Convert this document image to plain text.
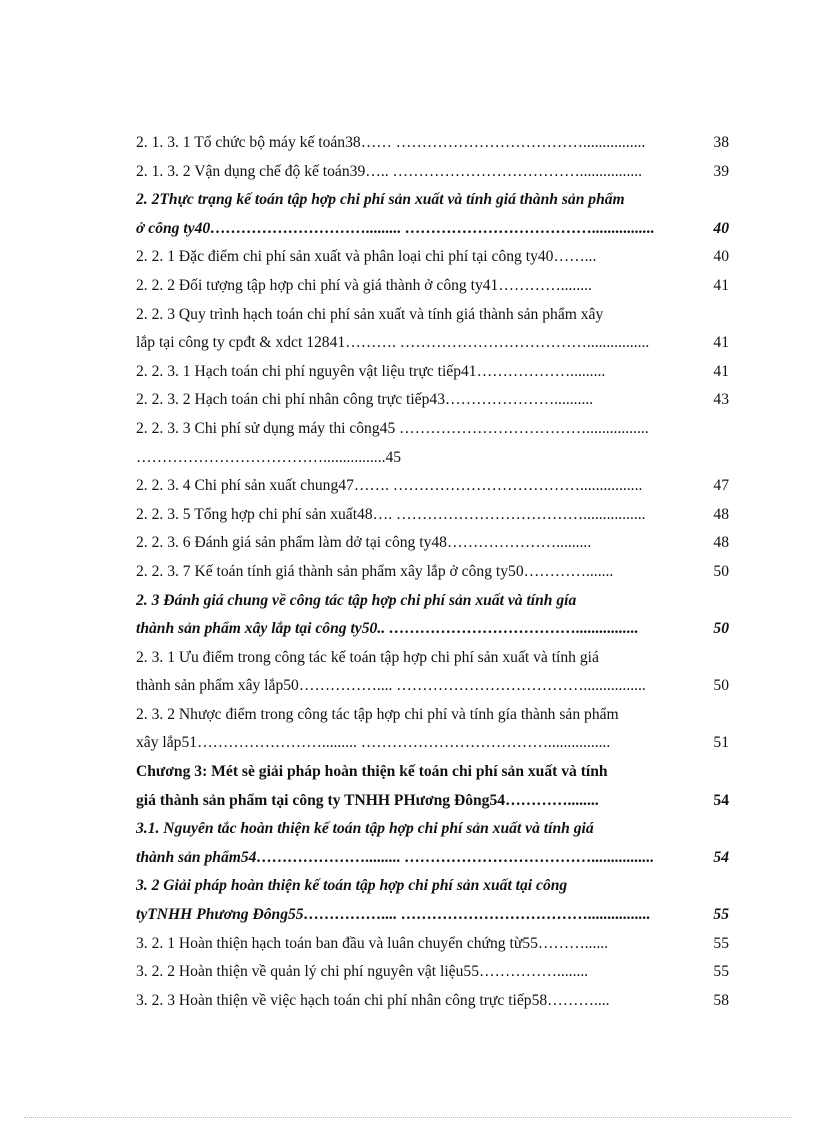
2. 1. 3. 1 Tổ chức bộ máy kế toán38 …… ………………………………................	38
2. 1. 3. 2 Vận dụng chế độ kế toán39 ….. ………………………………................	39
2. 2Thực trạng kế toán tập hợp chi phí sản xuất và tính giá thành sản phẩm
ở công ty40 …………………………......... ………………………………................	40
2. 2. 1 Đặc điểm chi phí sản xuất và phân loại chi phí tại công ty40 ……...	40
2. 2. 2 Đối tượng tập hợp chi phí và giá thành ở công ty41 …………........	41
2. 2. 3 Quy trình hạch toán chi phí sản xuất và tính giá thành sản phẩm xây
lắp tại công ty cpđt & xdct 12841 ………. ………………………………................	41
2. 2. 3. 1 Hạch toán chi phí nguyên vật liệu trực tiếp41 ……………….........	41
2. 2. 3. 2 Hạch toán chi phí nhân công trực tiếp43 …………………..........	43
2. 2. 3. 3 Chi phí sử dụng máy thi công45 ………………………………................
………………………………................45
2. 2. 3. 4 Chi phí sản xuất chung47 ……. ………………………………................	47
2. 2. 3. 5 Tổng hợp chi phí sản xuất48 …. ………………………………................	48
2. 2. 3. 6 Đánh giá sản phẩm làm dở tại công ty48 ………………….........	48
2. 2. 3. 7 Kế toán tính giá thành sản phẩm xây lắp ở công ty50 ………….......	50
2. 3 Đánh giá chung về công tác tập hợp chi phí sản xuất và tính gía
thành sản phẩm xây lắp tại công ty50 .. ………………………………................	50
2. 3. 1 Ưu điểm trong công tác kế toán tập hợp chi phí sản xuất và tính giá
thành sản phẩm xây lắp50 …………….... ………………………………................	50
2. 3. 2 Nhược điểm trong công tác tập hợp chi phí và tính gía thành sản phẩm
xây lắp51 ……………………......... ………………………………................	51
Chương 3: Mét sè giải pháp hoàn thiện kế toán chi phí sản xuất và tính
giá thành sản phẩm tại công ty TNHH PHương Đông54 …………........	54
3.1. Nguyên tắc hoàn thiện kế toán tập hợp chi phí sản xuất và tính giá
thành sản phẩm54 …………………......... ………………………………................	54
3. 2 Giải pháp hoàn thiện kế toán tập hợp chi phí sản xuất tại công
tyTNHH Phương Đông55 …………….... ………………………………................	55
3. 2. 1 Hoàn thiện hạch toán ban đầu và luân chuyển chứng từ55 ………......	55
3. 2. 2 Hoàn thiện về quản lý chi phí nguyên vật liệu55 ……………........	55
3. 2. 3 Hoàn thiện về việc hạch toán chi phí nhân công trực tiếp58 ………....	58
